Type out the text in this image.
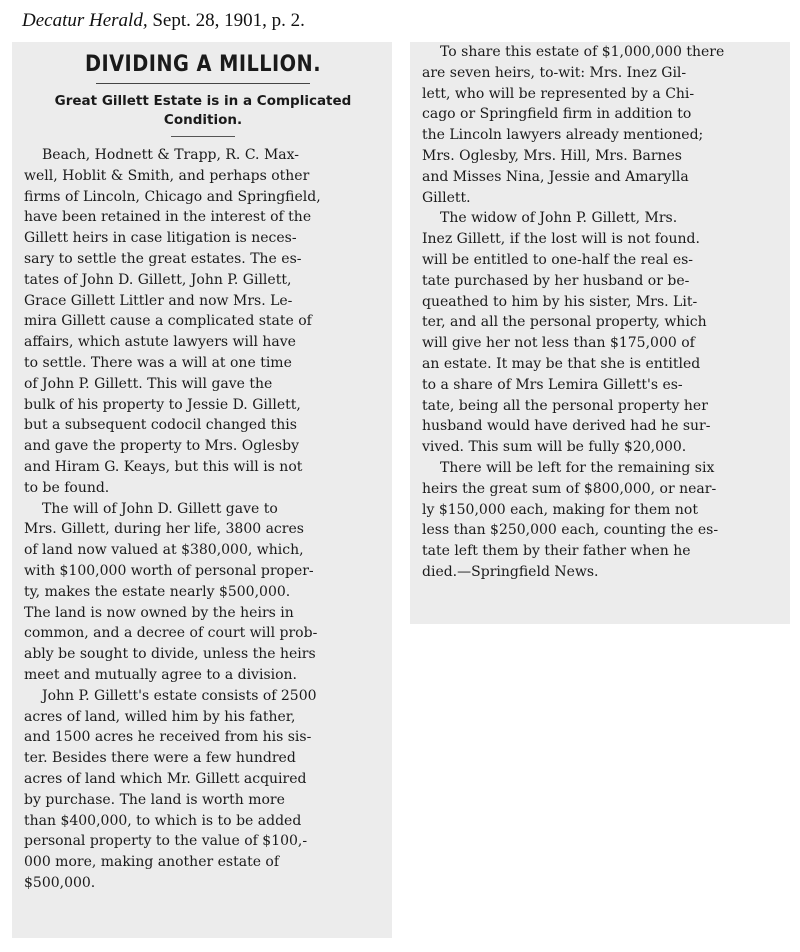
Decatur Herald, Sept. 28, 1901, p. 2.
DIVIDING A MILLION.
Great Gillett Estate is in a Complicated
Condition.
Beach, Hodnett & Trapp, R. C. Max-
well, Hoblit & Smith, and perhaps other
firms of Lincoln, Chicago and Springfield,
have been retained in the interest of the
Gillett heirs in case litigation is neces-
sary to settle the great estates. The es-
tates of John D. Gillett, John P. Gillett,
Grace Gillett Littler and now Mrs. Le-
mira Gillett cause a complicated state of
affairs, which astute lawyers will have
to settle. There was a will at one time
of John P. Gillett. This will gave the
bulk of his property to Jessie D. Gillett,
but a subsequent codocil changed this
and gave the property to Mrs. Oglesby
and Hiram G. Keays, but this will is not
to be found.
The will of John D. Gillett gave to
Mrs. Gillett, during her life, 3800 acres
of land now valued at $380,000, which,
with $100,000 worth of personal proper-
ty, makes the estate nearly $500,000.
The land is now owned by the heirs in
common, and a decree of court will prob-
ably be sought to divide, unless the heirs
meet and mutually agree to a division.
John P. Gillett's estate consists of 2500
acres of land, willed him by his father,
and 1500 acres he received from his sis-
ter. Besides there were a few hundred
acres of land which Mr. Gillett acquired
by purchase. The land is worth more
than $400,000, to which is to be added
personal property to the value of $100,-
000 more, making another estate of
$500,000.
To share this estate of $1,000,000 there
are seven heirs, to-wit: Mrs. Inez Gil-
lett, who will be represented by a Chi-
cago or Springfield firm in addition to
the Lincoln lawyers already mentioned;
Mrs. Oglesby, Mrs. Hill, Mrs. Barnes
and Misses Nina, Jessie and Amarylla
Gillett.
The widow of John P. Gillett, Mrs.
Inez Gillett, if the lost will is not found.
will be entitled to one-half the real es-
tate purchased by her husband or be-
queathed to him by his sister, Mrs. Lit-
ter, and all the personal property, which
will give her not less than $175,000 of
an estate. It may be that she is entitled
to a share of Mrs Lemira Gillett's es-
tate, being all the personal property her
husband would have derived had he sur-
vived. This sum will be fully $20,000.
There will be left for the remaining six
heirs the great sum of $800,000, or near-
ly $150,000 each, making for them not
less than $250,000 each, counting the es-
tate left them by their father when he
died.—Springfield News.
